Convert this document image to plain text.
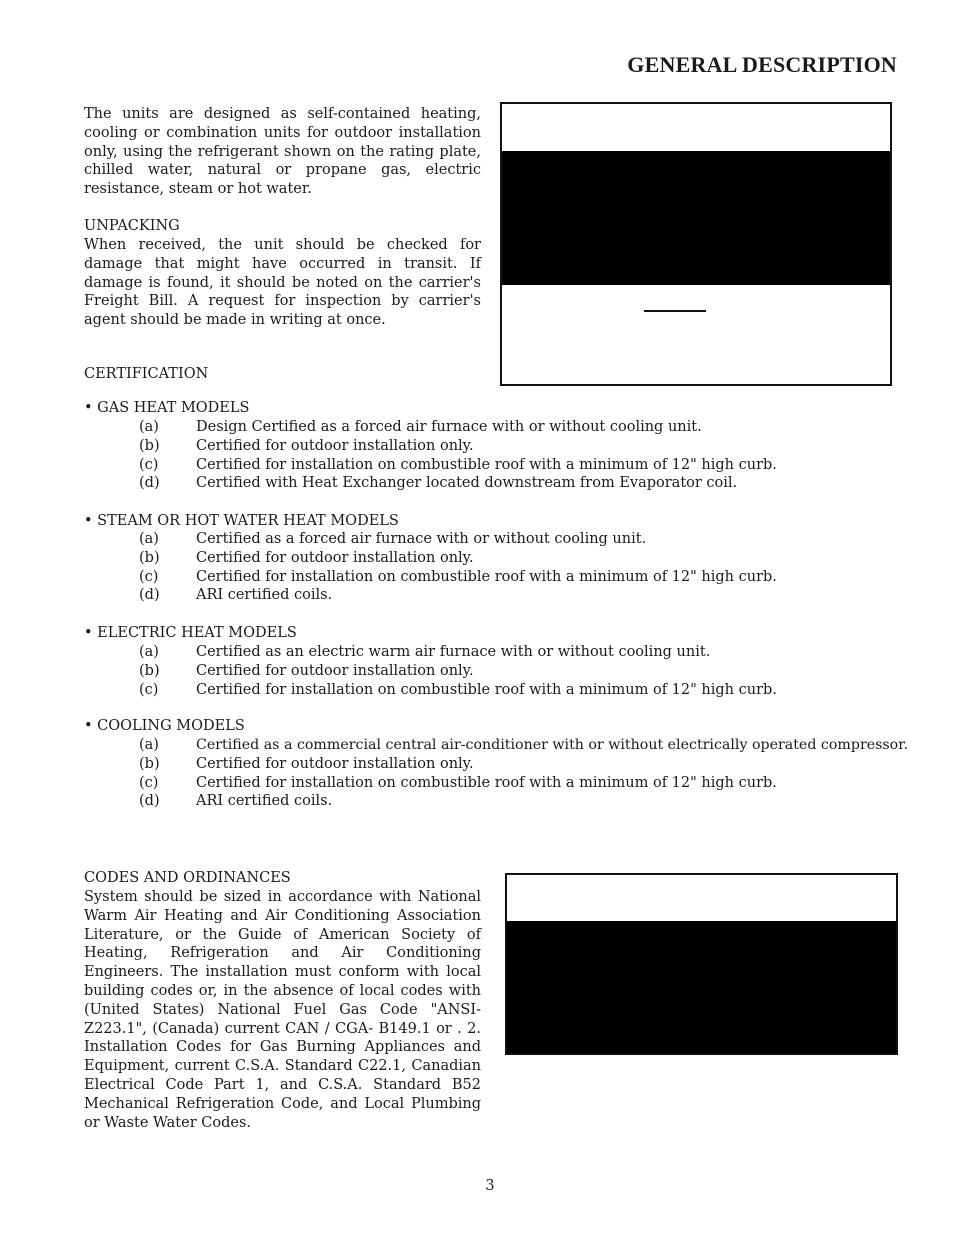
GENERAL DESCRIPTION
The units are designed as self-contained heating, cooling or combination units for outdoor installation only, using the refrigerant shown on the rating plate, chilled water, natural or propane gas, electric resistance, steam or hot water.
UNPACKING
When received, the unit should be checked for damage that might have occurred in transit. If damage is found, it should be noted on the carrier's Freight Bill. A request for inspection by carrier's agent should be made in writing at once.
CERTIFICATION
• GAS HEAT MODELS
(a)	Design Certified as a forced air furnace with or without cooling unit.
(b)	Certified for outdoor installation only.
(c)	Certified for installation on combustible roof with a minimum of 12" high curb.
(d)	Certified with Heat Exchanger located downstream from Evaporator coil.
• STEAM OR HOT WATER HEAT MODELS
(a)	Certified as a forced air furnace with or without cooling unit.
(b)	Certified for outdoor installation only.
(c)	Certified for installation on combustible roof with a minimum of 12" high curb.
(d)	ARI certified coils.
• ELECTRIC HEAT MODELS
(a)	Certified as an electric warm air furnace with or without cooling unit.
(b)	Certified for outdoor installation only.
(c)	Certified for installation on combustible roof with a minimum of 12" high curb.
• COOLING MODELS
(a)	Certified as a commercial central air-conditioner with or without electrically operated compressor.
(b)	Certified for outdoor installation only.
(c)	Certified for installation on combustible roof with a minimum of 12" high curb.
(d)	ARI certified coils.
CODES AND ORDINANCES
System should be sized in accordance with National Warm Air Heating and Air Conditioning Association Literature, or the Guide of American Society of Heating, Refrigeration and Air Conditioning Engineers. The installation must conform with local building codes or, in the absence of local codes with (United States) National Fuel Gas Code "ANSI-Z223.1", (Canada) current CAN / CGA- B149.1 or . 2. Installation Codes for Gas Burning Appliances and Equipment, current C.S.A. Standard C22.1, Canadian Electrical Code Part 1, and C.S.A. Standard B52 Mechanical Refrigeration Code, and Local Plumbing or Waste Water Codes.
3
